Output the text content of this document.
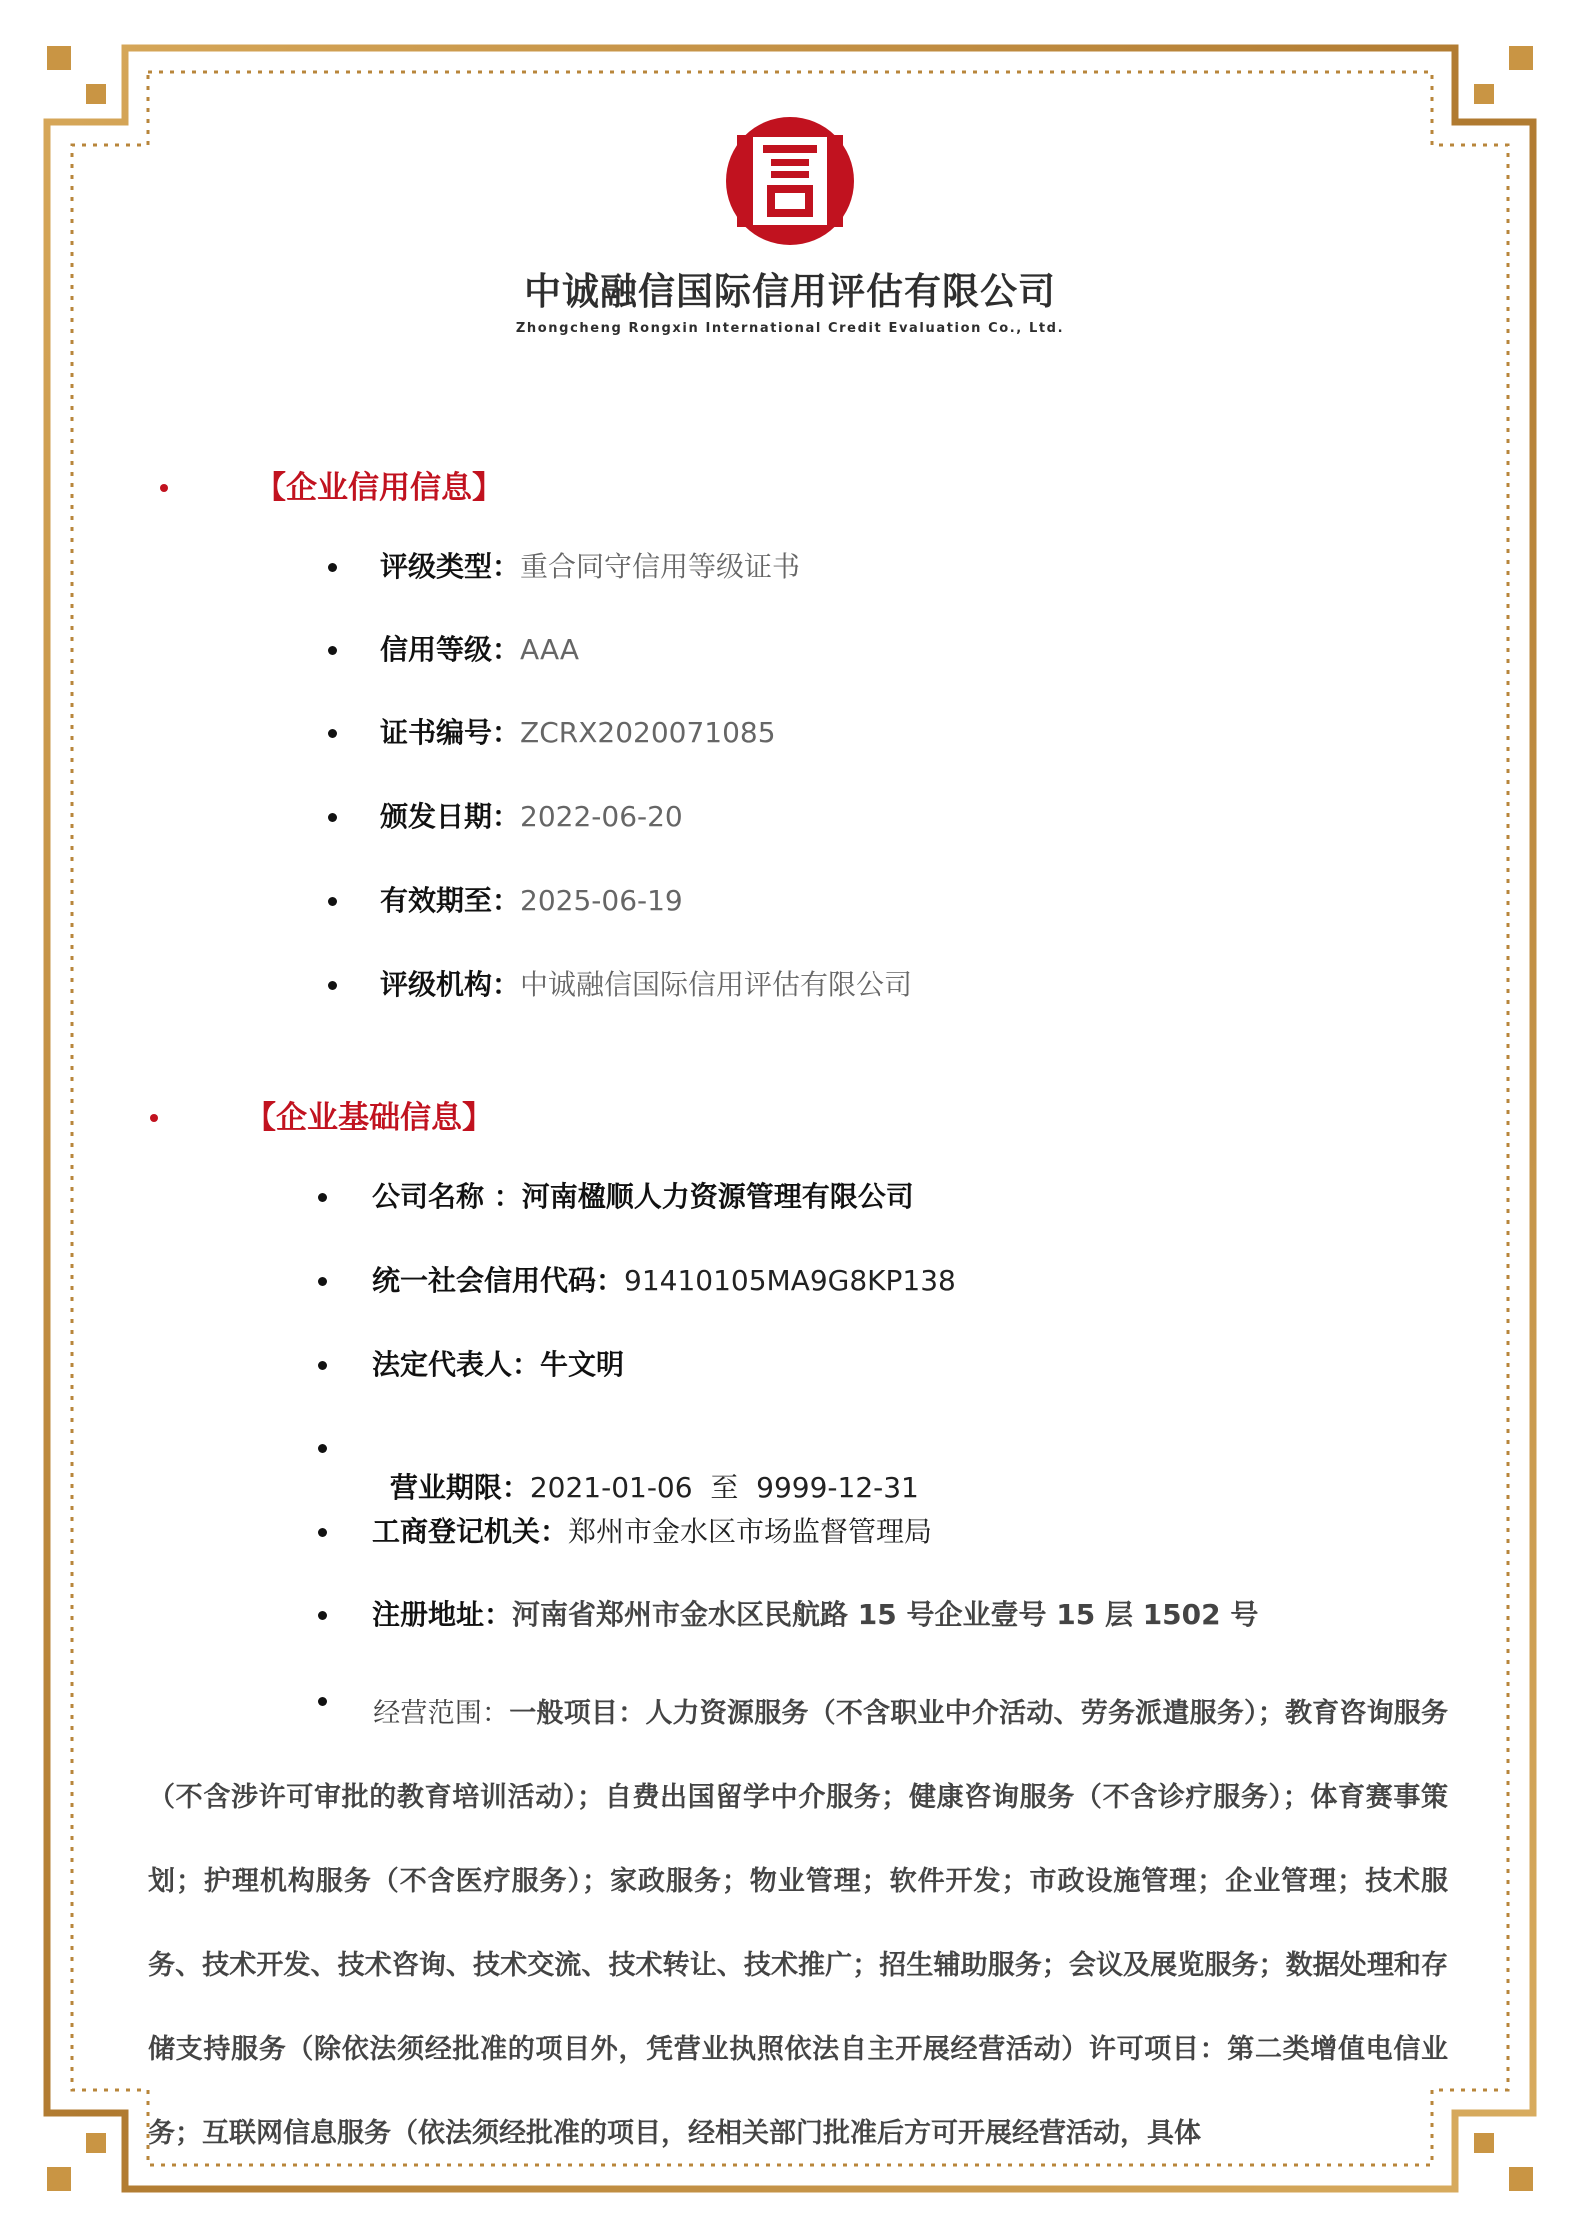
中诚融信国际信用评估有限公司
Zhongcheng Rongxin International Credit Evaluation Co., Ltd.
【企业信用信息】
评级类型：重合同守信用等级证书
信用等级：AAA
证书编号：ZCRX2020071085
颁发日期：2022-06-20
有效期至：2025-06-19
评级机构：中诚融信国际信用评估有限公司
【企业基础信息】
公司名称 ：河南楹顺人力资源管理有限公司
统一社会信用代码：91410105MA9G8KP138
法定代表人：牛文明

营业期限：2021-01-06  至  9999-12-31

工商登记机关：郑州市金水区市场监督管理局
注册地址：河南省郑州市金水区民航路 15 号企业壹号 15 层 1502 号
经营范围：一般项目：人力资源服务（不含职业中介活动、劳务派遣服务）；教育咨询服务（不含涉许可审批的教育培训活动）；自费出国留学中介服务；健康咨询服务（不含诊疗服务）；体育赛事策划；护理机构服务（不含医疗服务）；家政服务；物业管理；软件开发；市政设施管理；企业管理；技术服务、技术开发、技术咨询、技术交流、技术转让、技术推广；招生辅助服务；会议及展览服务；数据处理和存储支持服务（除依法须经批准的项目外，凭营业执照依法自主开展经营活动）许可项目：第二类增值电信业务；互联网信息服务（依法须经批准的项目，经相关部门批准后方可开展经营活动，具体
